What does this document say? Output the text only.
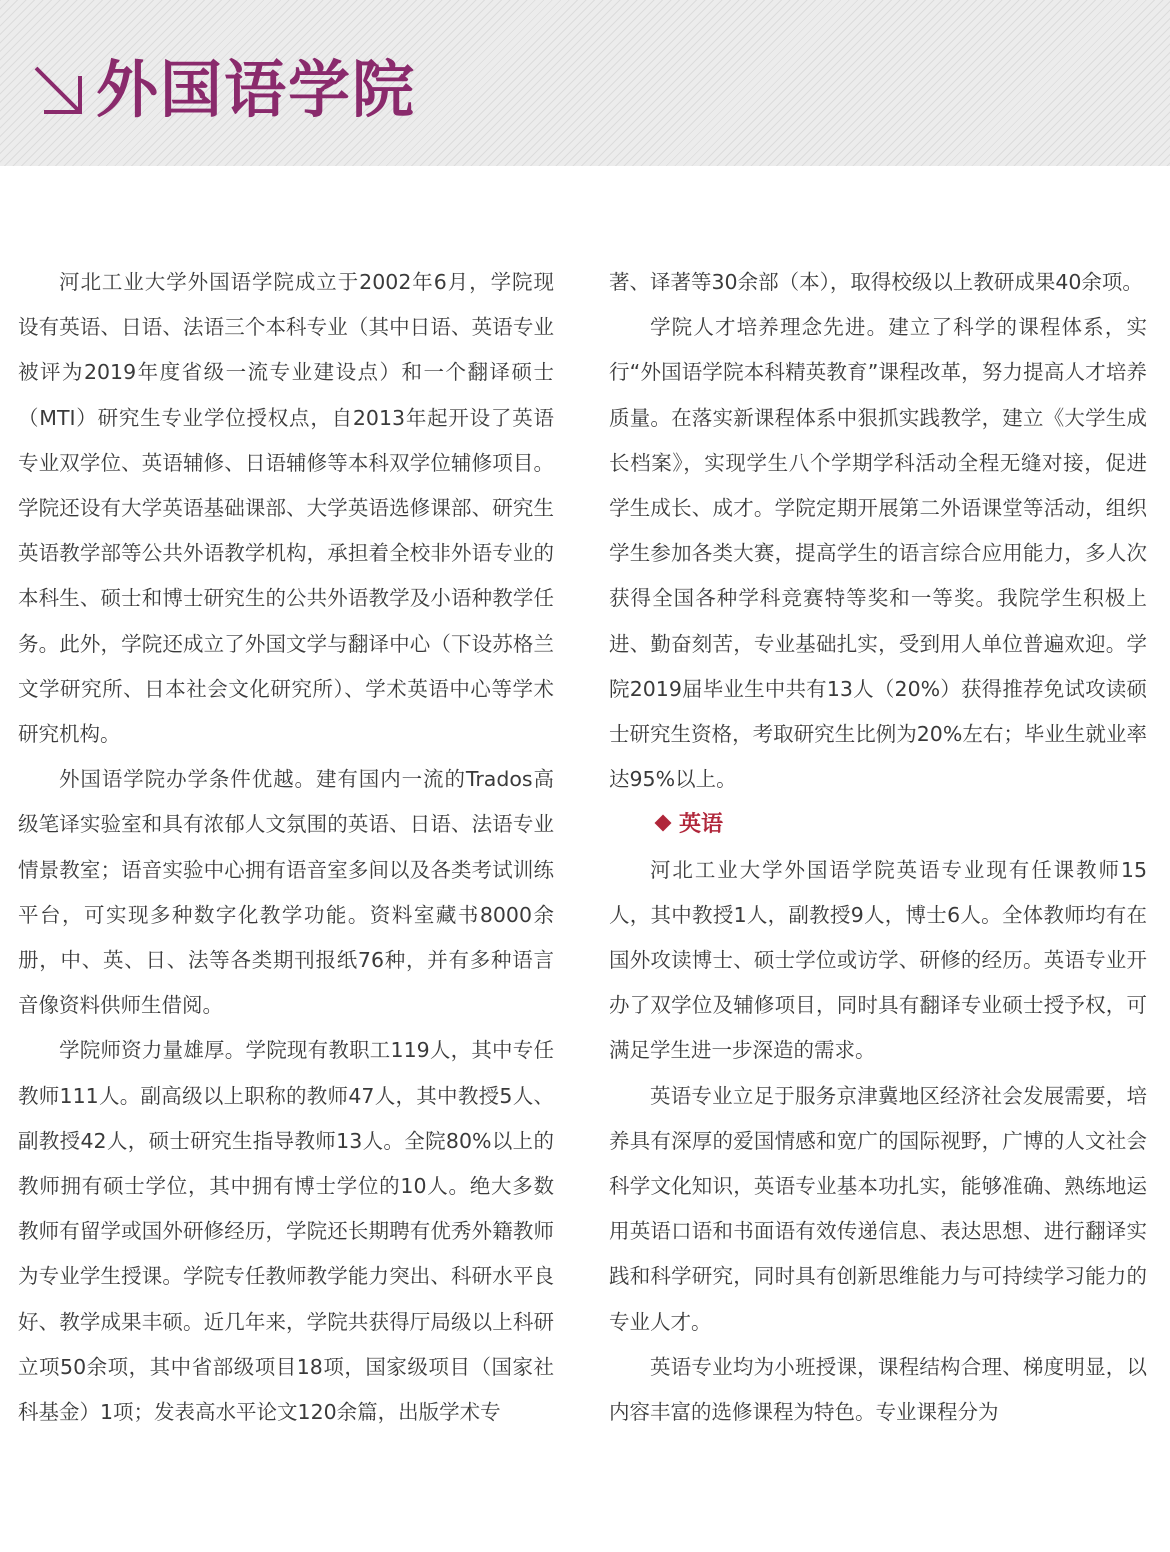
外国语学院

河北工业大学外国语学院成立于2002年6月，学院现设有英语、日语、法语三个本科专业（其中日语、英语专业被评为2019年度省级一流专业建设点）和一个翻译硕士（MTI）研究生专业学位授权点，自2013年起开设了英语专业双学位、英语辅修、日语辅修等本科双学位辅修项目。学院还设有大学英语基础课部、大学英语选修课部、研究生英语教学部等公共外语教学机构，承担着全校非外语专业的本科生、硕士和博士研究生的公共外语教学及小语种教学任务。此外，学院还成立了外国文学与翻译中心（下设苏格兰文学研究所、日本社会文化研究所）、学术英语中心等学术研究机构。

外国语学院办学条件优越。建有国内一流的Trados高级笔译实验室和具有浓郁人文氛围的英语、日语、法语专业情景教室；语音实验中心拥有语音室多间以及各类考试训练平台，可实现多种数字化教学功能。资料室藏书8000余册，中、英、日、法等各类期刊报纸76种，并有多种语言音像资料供师生借阅。

学院师资力量雄厚。学院现有教职工119人，其中专任教师111人。副高级以上职称的教师47人，其中教授5人、副教授42人，硕士研究生指导教师13人。全院80%以上的教师拥有硕士学位，其中拥有博士学位的10人。绝大多数教师有留学或国外研修经历，学院还长期聘有优秀外籍教师为专业学生授课。学院专任教师教学能力突出、科研水平良好、教学成果丰硕。近几年来，学院共获得厅局级以上科研立项50余项，其中省部级项目18项，国家级项目（国家社科基金）1项；发表高水平论文120余篇，出版学术专

著、译著等30余部（本），取得校级以上教研成果40余项。

学院人才培养理念先进。建立了科学的课程体系，实行“外国语学院本科精英教育”课程改革，努力提高人才培养质量。在落实新课程体系中狠抓实践教学，建立《大学生成长档案》，实现学生八个学期学科活动全程无缝对接，促进学生成长、成才。学院定期开展第二外语课堂等活动，组织学生参加各类大赛，提高学生的语言综合应用能力，多人次获得全国各种学科竞赛特等奖和一等奖。我院学生积极上进、勤奋刻苦，专业基础扎实，受到用人单位普遍欢迎。学院2019届毕业生中共有13人（20%）获得推荐免试攻读硕士研究生资格，考取研究生比例为20%左右；毕业生就业率达95%以上。

英语

河北工业大学外国语学院英语专业现有任课教师15人，其中教授1人，副教授9人，博士6人。全体教师均有在国外攻读博士、硕士学位或访学、研修的经历。英语专业开办了双学位及辅修项目，同时具有翻译专业硕士授予权，可满足学生进一步深造的需求。

英语专业立足于服务京津冀地区经济社会发展需要，培养具有深厚的爱国情感和宽广的国际视野，广博的人文社会科学文化知识，英语专业基本功扎实，能够准确、熟练地运用英语口语和书面语有效传递信息、表达思想、进行翻译实践和科学研究，同时具有创新思维能力与可持续学习能力的专业人才。

英语专业均为小班授课，课程结构合理、梯度明显，以内容丰富的选修课程为特色。专业课程分为
